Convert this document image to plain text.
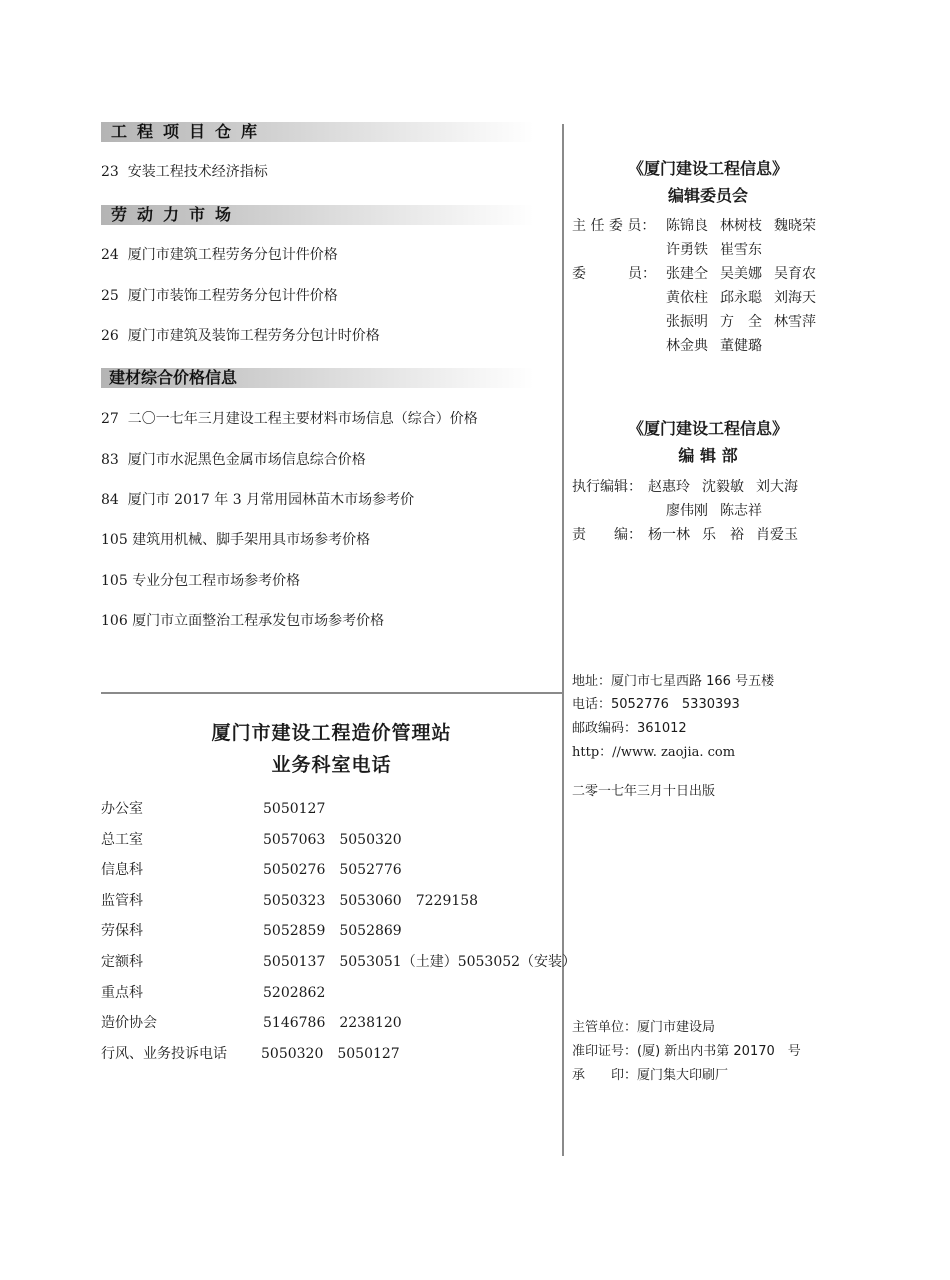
工程项目仓库
23 安装工程技术经济指标
劳动力市场
24 厦门市建筑工程劳务分包计件价格
25 厦门市装饰工程劳务分包计件价格
26 厦门市建筑及装饰工程劳务分包计时价格
建材综合价格信息
27 二〇一七年三月建设工程主要材料市场信息（综合）价格
83 厦门市水泥黑色金属市场信息综合价格
84 厦门市 2017 年 3 月常用园林苗木市场参考价
105 建筑用机械、脚手架用具市场参考价格
105 专业分包工程市场参考价格
106 厦门市立面整治工程承发包市场参考价格
厦门市建设工程造价管理站
业务科室电话
办公室	5050127
总工室	5057063 5050320
信息科	5050276 5052776
监管科	5050323 5053060 7229158
劳保科	5052859 5052869
定额科	5050137 5053051（土建）5053052（安装）
重点科	5202862
造价协会	5146786 2238120
行风、业务投诉电话 5050320 5050127
《厦门建设工程信息》
编辑委员会
主 任 委 员： 陈锦良 林树枝 魏晓荣
许勇铁 崔雪东
委　　　员： 张建仝 吴美娜 吴育农
黄依柱 邱永聪 刘海天
张振明 方　全 林雪萍
林金典 董健璐
《厦门建设工程信息》
编 辑 部
执行编辑： 赵惠玲 沈毅敏 刘大海
廖伟刚 陈志祥
责　　编： 杨一林 乐　裕 肖爱玉
地址：厦门市七星西路 166 号五楼
电话：5052776　5330393
邮政编码：361012
http：//www. zaojia. com
二零一七年三月十日出版
主管单位：厦门市建设局
准印证号：(厦) 新出内书第 20170　号
承　　印：厦门集大印刷厂
